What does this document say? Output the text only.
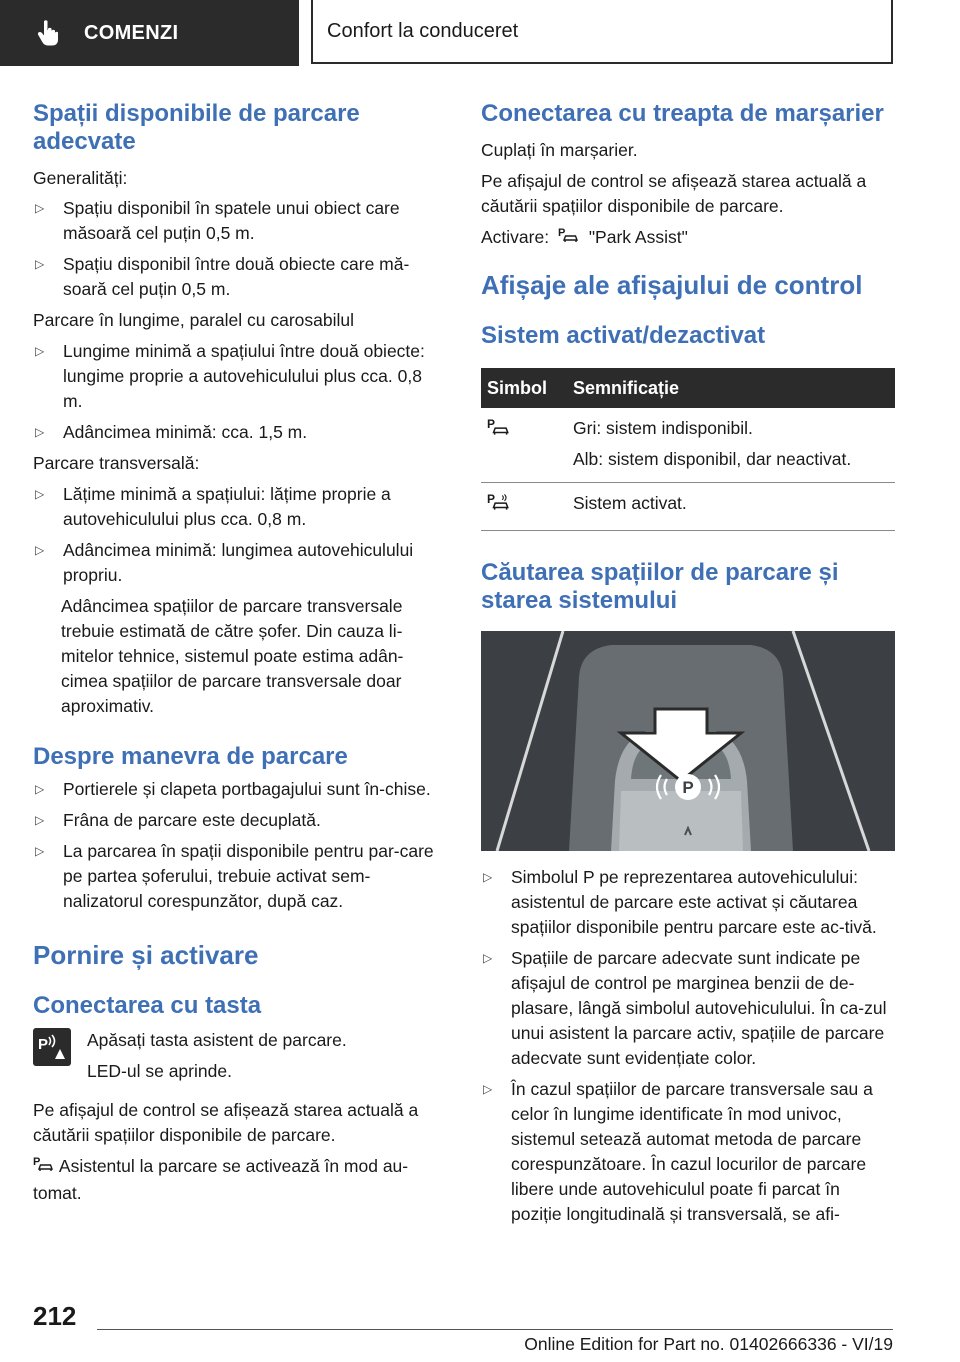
COMENZI	Confort la conduceret
Spații disponibile de parcare adecvate

Generalități:

▷	Spațiu disponibil în spatele unui obiect care măsoară cel puțin 0,5 m.
▷	Spațiu disponibil între două obiecte care mă‐soară cel puțin 0,5 m.

Parcare în lungime, paralel cu carosabilul

▷	Lungime minimă a spațiului între două obiecte: lungime proprie a autovehiculului plus cca. 0,8 m.
▷	Adâncimea minimă: cca. 1,5 m.

Parcare transversală:

▷	Lățime minimă a spațiului: lățime proprie a autovehiculului plus cca. 0,8 m.
▷	Adâncimea minimă: lungimea autovehiculului propriu.
Adâncimea spațiilor de parcare transversale trebuie estimată de către șofer. Din cauza li‐mitelor tehnice, sistemul poate estima adân‐cimea spațiilor de parcare transversale doar aproximativ.
Despre manevra de parcare
▷	Portierele și clapeta portbagajului sunt în‐chise.
▷	Frâna de parcare este decuplată.
▷	La parcarea în spații disponibile pentru par‐care pe partea șoferului, trebuie activat sem‐nalizatorul corespunzător, după caz.
Pornire și activare
Conectarea cu tasta
P Apăsați tasta asistent de parcare.

LED-ul se aprinde.

Pe afișajul de control se afișează starea actuală a căutării spațiilor disponibile de parcare.

P Asistentul la parcare se activează în mod au‐tomat.

Conectarea cu treapta de marșarier

Cuplați în marșarier.

Pe afișajul de control se afișează starea actuală a căutării spațiilor disponibile de parcare.

Activare: P "Park Assist"

Afișaje ale afișajului de control
Sistem activat/dezactivat
Simbol	Semnificație

P	Gri: sistem indisponibil.
Alb: sistem disponibil, dar neactivat.

P	Sistem activat.
Căutarea spațiilor de parcare și starea sistemului
P
▷	Simbolul P pe reprezentarea autovehiculului: asistentul de parcare este activat și căutarea spațiilor disponibile pentru parcare este ac‐tivă.
▷	Spațiile de parcare adecvate sunt indicate pe afișajul de control pe marginea benzii de de‐plasare, lângă simbolul autovehiculului. În ca‐zul unui asistent la parcare activ, spațiile de parcare adecvate sunt evidențiate color.
▷	În cazul spațiilor de parcare transversale sau a celor în lungime identificate în mod univoc, sistemul setează automat metoda de parcare corespunzătoare. În cazul locurilor de parcare libere unde autovehiculul poate fi parcat în poziție longitudinală și transversală, se afi‐
212
Online Edition for Part no. 01402666336 - VI/19
